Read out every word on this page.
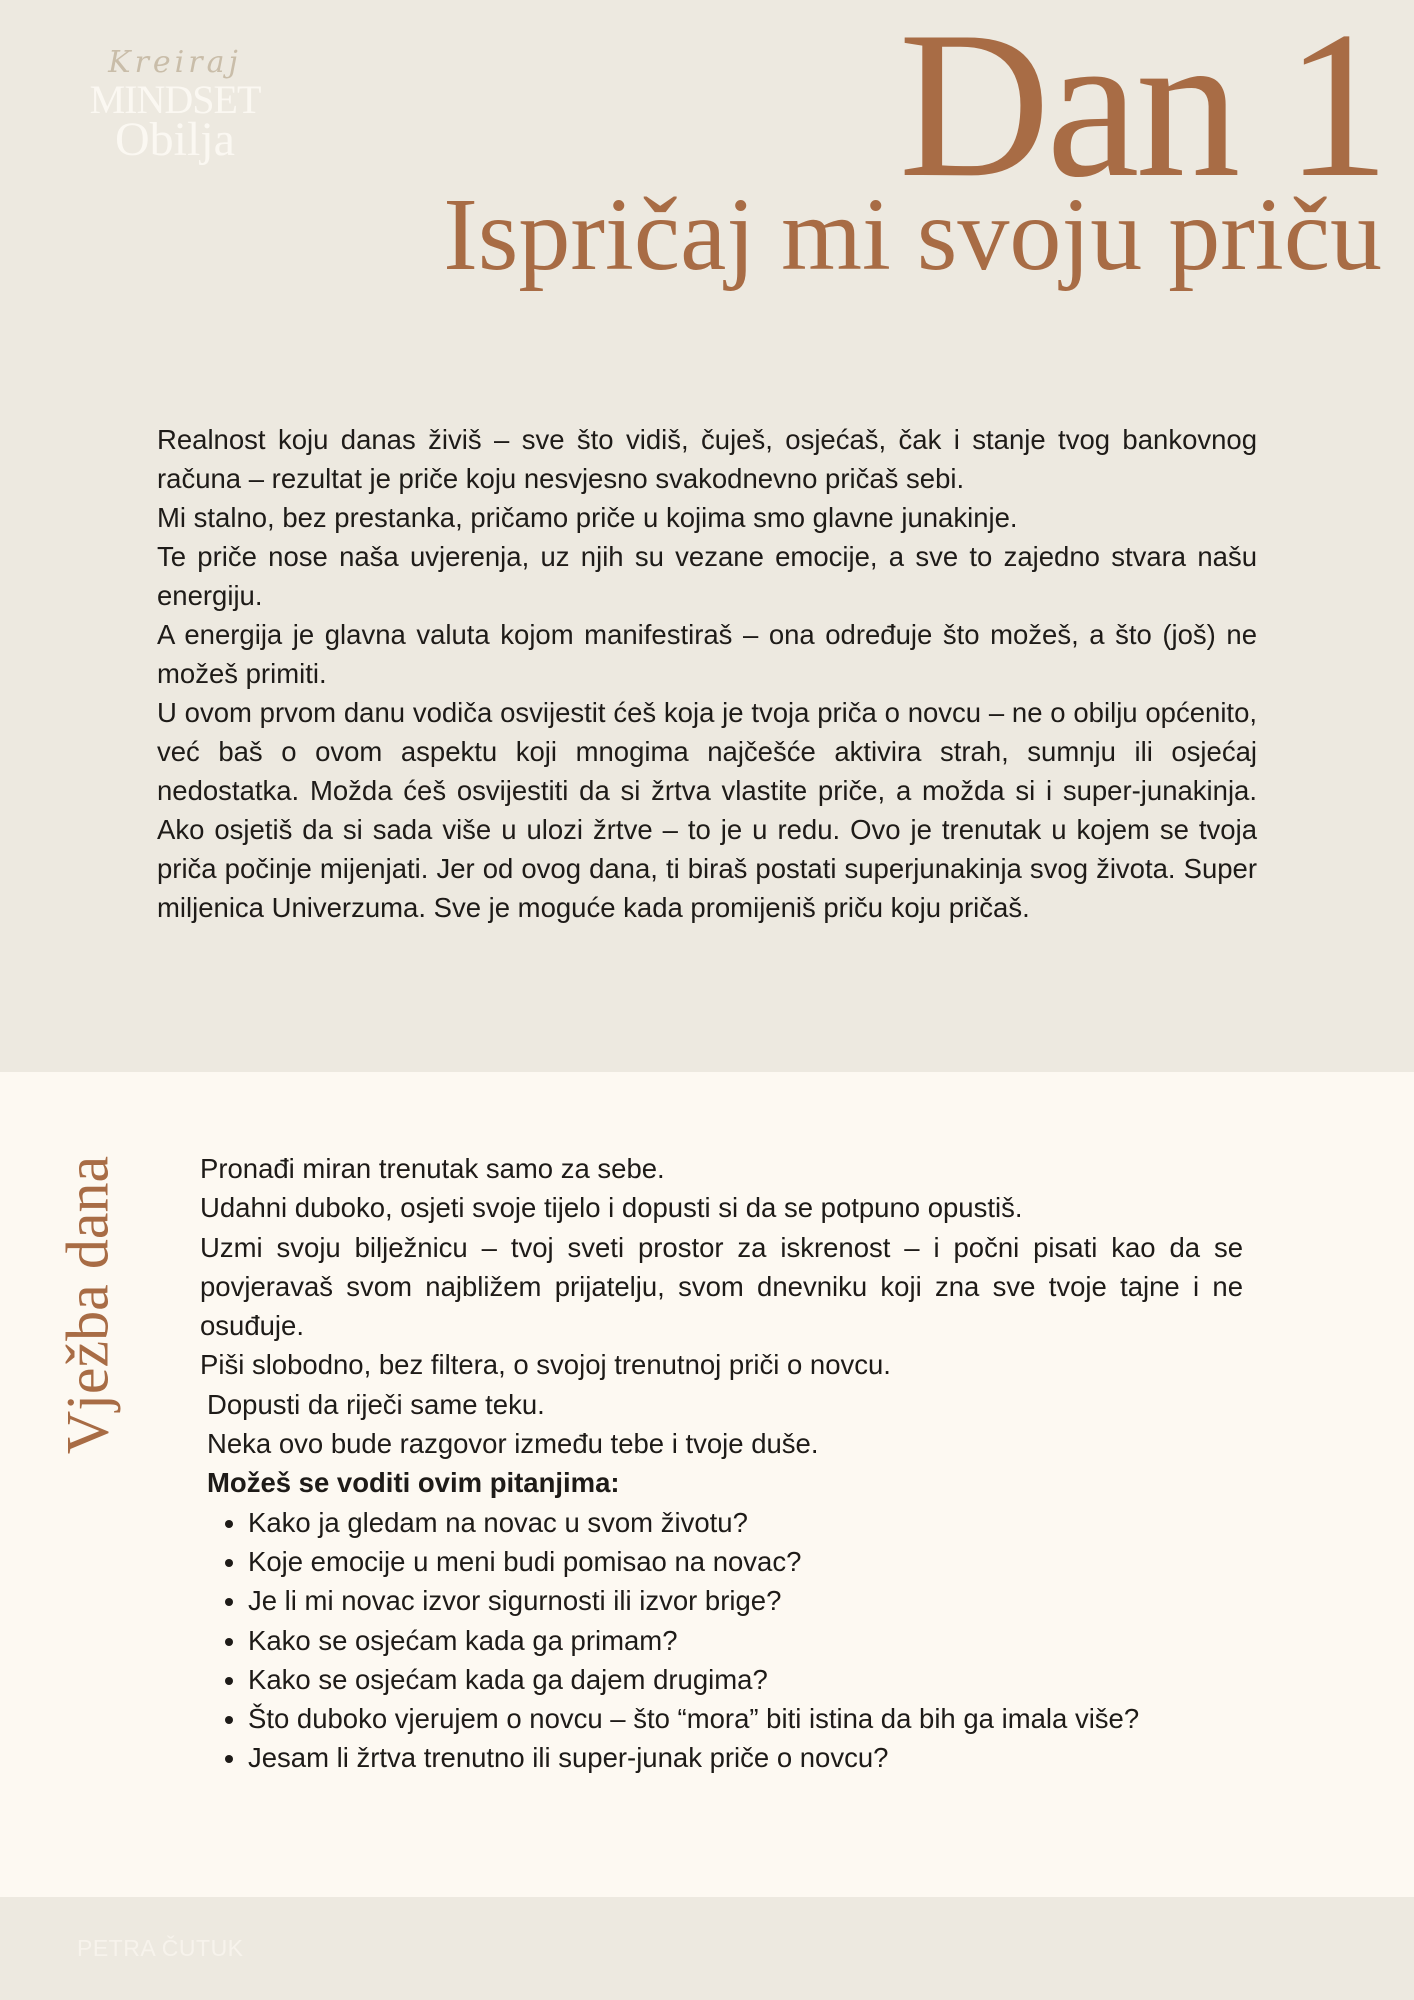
Kreiraj
MINDSET
Obilja	Dan 1
Ispričaj mi svoju priču

Realnost koju danas živiš – sve što vidiš, čuješ, osjećaš, čak i stanje tvog bankovnog računa – rezultat je priče koju nesvjesno svakodnevno pričaš sebi.

Mi stalno, bez prestanka, pričamo priče u kojima smo glavne junakinje.

Te priče nose naša uvjerenja, uz njih su vezane emocije, a sve to zajedno stvara našu energiju.

A energija je glavna valuta kojom manifestiraš – ona određuje što možeš, a što (još) ne možeš primiti.

U ovom prvom danu vodiča osvijestit ćeš koja je tvoja priča o novcu – ne o obilju općenito, već baš o ovom aspektu koji mnogima najčešće aktivira strah, sumnju ili osjećaj nedostatka. Možda ćeš osvijestiti da si žrtva vlastite priče, a možda si i super-junakinja. Ako osjetiš da si sada više u ulozi žrtve – to je u redu. Ovo je trenutak u kojem se tvoja priča počinje mijenjati. Jer od ovog dana, ti biraš postati superjunakinja svog života. Super miljenica Univerzuma. Sve je moguće kada promijeniš priču koju pričaš.

Vježba dana	Pronađi miran trenutak samo za sebe.

Udahni duboko, osjeti svoje tijelo i dopusti si da se potpuno opustiš.

Uzmi svoju bilježnicu – tvoj sveti prostor za iskrenost – i počni pisati kao da se povjeravaš svom najbližem prijatelju, svom dnevniku koji zna sve tvoje tajne i ne osuđuje.

Piši slobodno, bez filtera, o svojoj trenutnoj priči o novcu.

Dopusti da riječi same teku.

Neka ovo bude razgovor između tebe i tvoje duše.

Možeš se voditi ovim pitanjima:

• Kako ja gledam na novac u svom životu?
• Koje emocije u meni budi pomisao na novac?
• Je li mi novac izvor sigurnosti ili izvor brige?
• Kako se osjećam kada ga primam?
• Kako se osjećam kada ga dajem drugima?
• Što duboko vjerujem o novcu – što “mora” biti istina da bih ga imala više?
• Jesam li žrtva trenutno ili super-junak priče o novcu?
PETRA ČUTUK
